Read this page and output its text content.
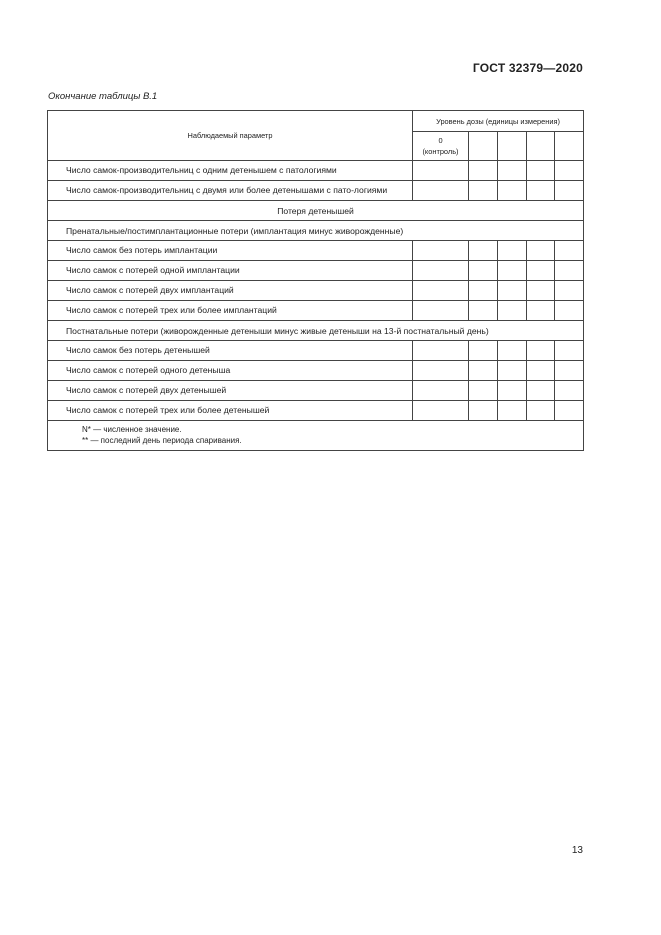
ГОСТ 32379—2020
Окончание таблицы В.1
Наблюдаемый параметр	Уровень дозы (единицы измерения)				
	0
(контроль)				
Число самок-производительниц с одним детенышем с патологиями					
Число самок-производительниц с двумя или более детенышами с пато-логиями					
Потеря детенышей					
Пренатальные/постимплантационные потери (имплантация минус живорожденные)					
Число самок без потерь имплантации					
Число самок с потерей одной имплантации					
Число самок с потерей двух имплантаций					
Число самок с потерей трех или более имплантаций					
Постнатальные потери (живорожденные детеныши минус живые детеныши на 13-й постнатальный день)					
Число самок без потерь детенышей					
Число самок с потерей одного детеныша					
Число самок с потерей двух детенышей					
Число самок с потерей трех или более детенышей					

N* — численное значение.
** — последний день периода спаривания.					
13
